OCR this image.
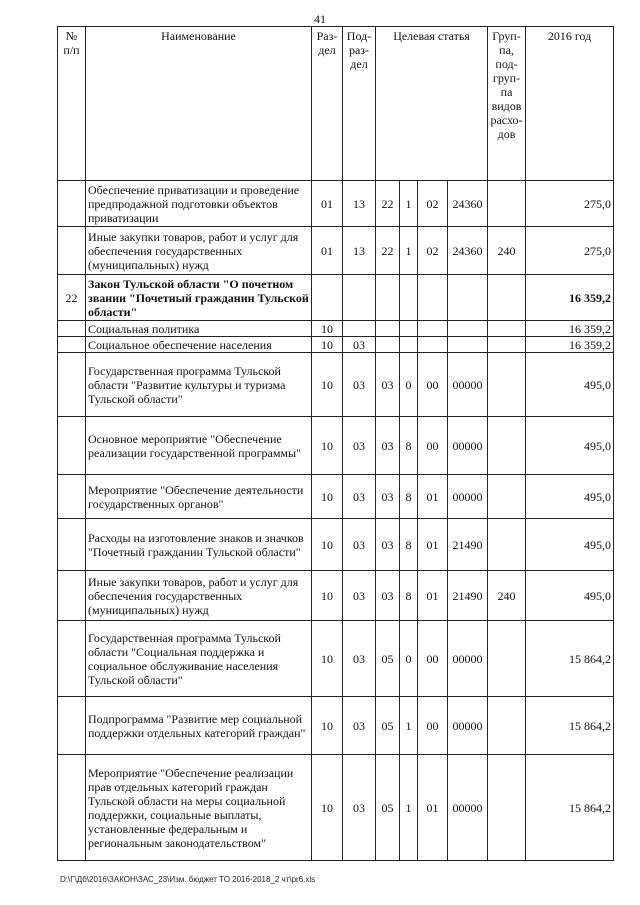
41
№ п/п	Наименование	Раз-дел	Под-раз-дел	Целевая статья				Груп-па, под-груп-па видов расхо-дов	2016 год
	Обеспечение приватизации и проведение предпродажной подготовки объектов приватизации	01	13	22	1	02	24360		275,0
	Иные закупки товаров, работ и услуг для обеспечения государственных (муниципальных) нужд	01	13	22	1	02	24360	240	275,0
22	Закон Тульской области "О почетном звании "Почетный гражданин Тульской области"								16 359,2
	Социальная политика	10							16 359,2
	Социальное обеспечение населения	10	03						16 359,2
	Государственная программа Тульской области "Развитие культуры и туризма Тульской области"	10	03	03	0	00	00000		495,0
	Основное мероприятие "Обеспечение реализации государственной программы"	10	03	03	8	00	00000		495,0
	Мероприятие "Обеспечение деятельности государственных органов"	10	03	03	8	01	00000		495,0
	Расходы на изготовление знаков и значков "Почетный гражданин Тульской области"	10	03	03	8	01	21490		495,0
	Иные закупки товаров, работ и услуг для обеспечения государственных (муниципальных) нужд	10	03	03	8	01	21490	240	495,0
	Государственная программа Тульской области "Социальная поддержка и социальное обслуживание населения Тульской области"	10	03	05	0	00	00000		15 864,2
	Подпрограмма "Развитие мер социальной поддержки отдельных категорий граждан"	10	03	05	1	00	00000		15 864,2
	Мероприятие "Обеспечение реализации прав отдельных категорий граждан Тульской области на меры социальной поддержки, социальные выплаты, установленные федеральным и региональным законодательством"	10	03	05	1	01	00000		15 864,2
D:\Г\Дб\2016\ЗАКОН\ЗАС_23\Изм. бюджет ТО 2016-2018_2 чт\pr6.xls
